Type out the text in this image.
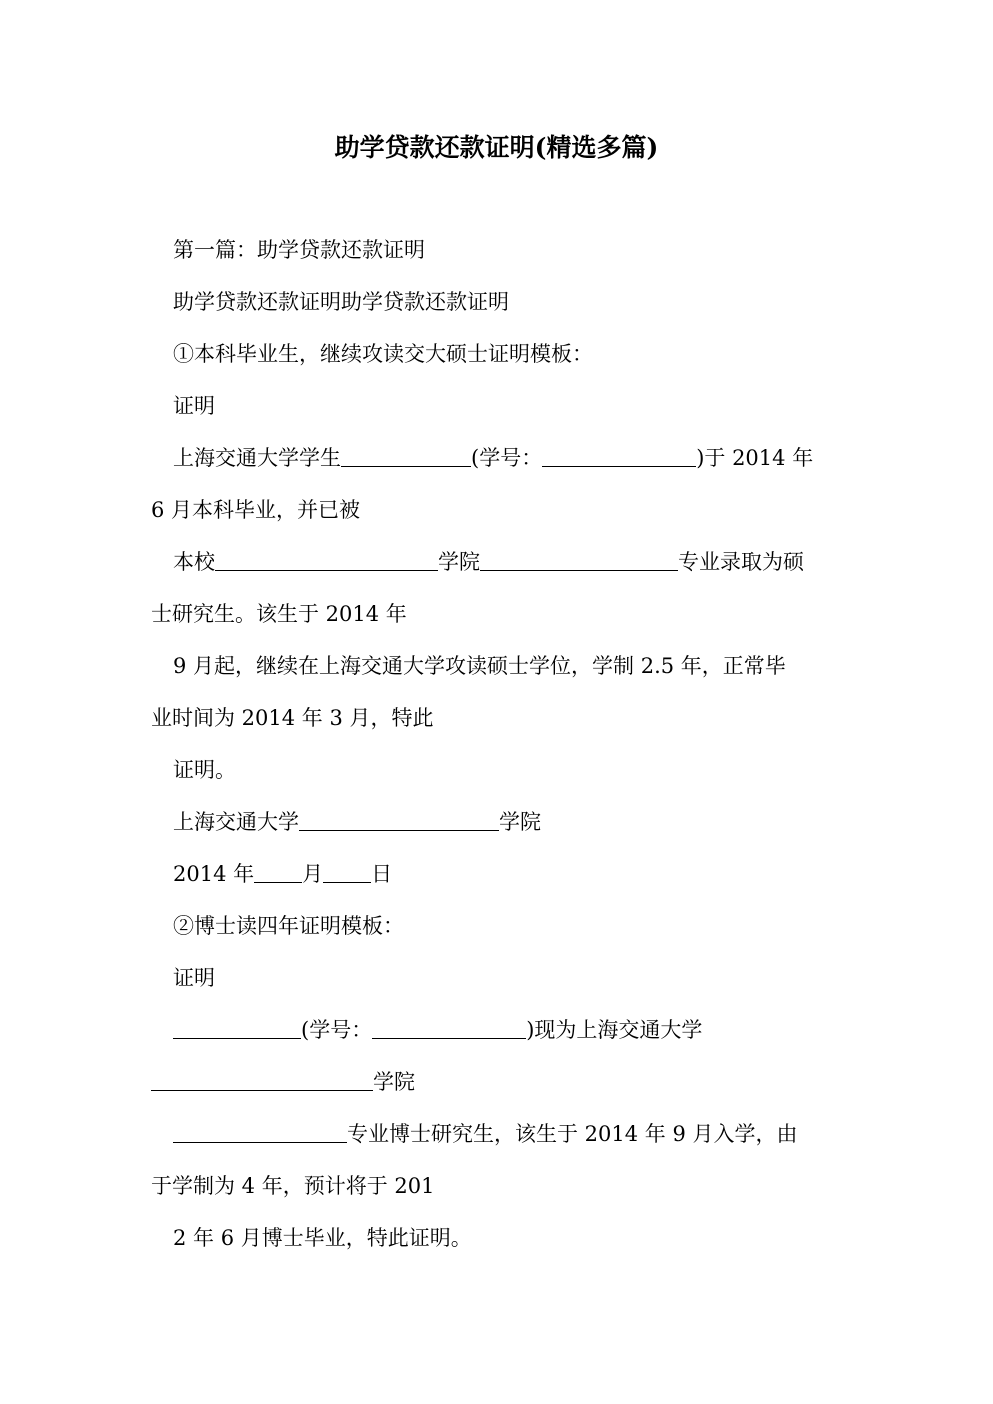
助学贷款还款证明(精选多篇)
第一篇：助学贷款还款证明
助学贷款还款证明助学贷款还款证明
①本科毕业生，继续攻读交大硕士证明模板：
证明
上海交通大学学生	(学号：	)于 2014 年
6 月本科毕业，并已被
本校	学院	专业录取为硕
士研究生。该生于 2014 年
9 月起，继续在上海交通大学攻读硕士学位，学制 2.5 年，正常毕
业时间为 2014 年 3 月，特此
证明。
上海交通大学	学院
2014 年 月 日
②博士读四年证明模板：
证明
(学号：	)现为上海交通大学
学院
专业博士研究生，该生于 2014 年 9 月入学，由
于学制为 4 年，预计将于 201
2 年 6 月博士毕业，特此证明。
